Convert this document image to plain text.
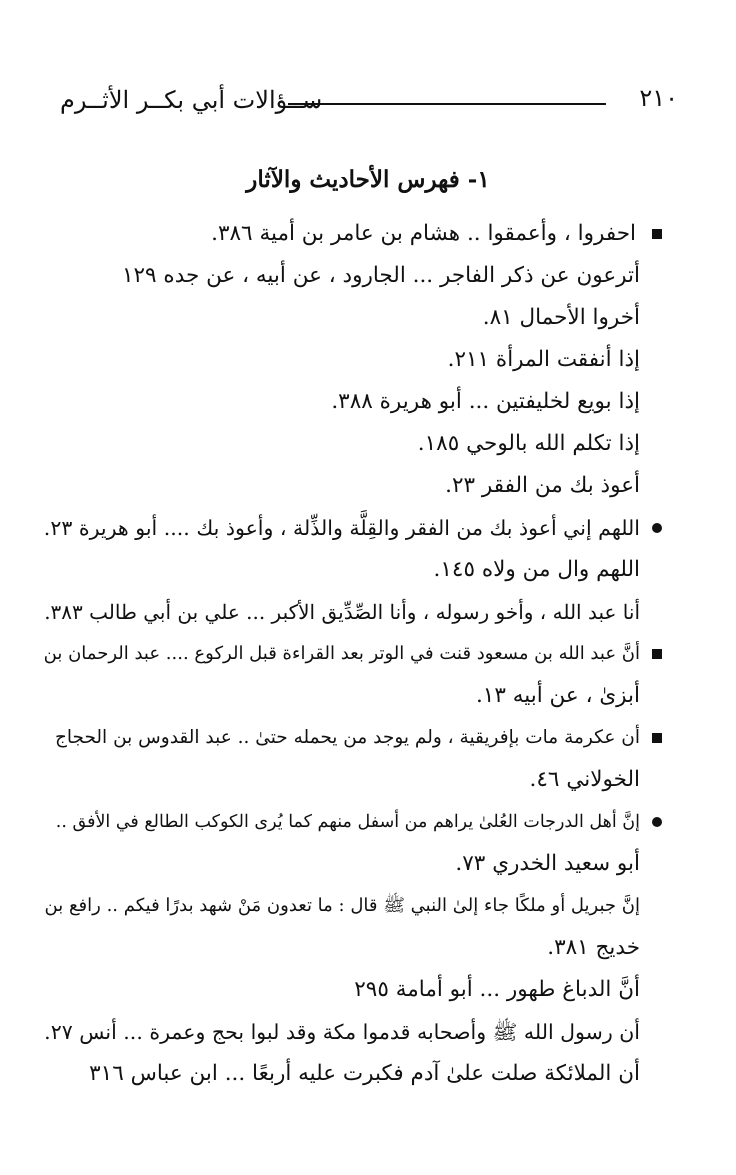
ســؤالات أبي بكــر الأثــرم	٢١٠
١- فهرس الأحاديث والآثار
احفروا ، وأعمقوا .. هشام بن عامر بن أمية ٣٨٦.
أترعون عن ذكر الفاجر ... الجارود ، عن أبيه ، عن جده ١٢٩
أخروا الأحمال ٨١.
إذا أنفقت المرأة ٢١١.
إذا بويع لخليفتين ... أبو هريرة ٣٨٨.
إذا تكلم الله بالوحي ١٨٥.
أعوذ بك من الفقر ٢٣.
اللهم إني أعوذ بك من الفقر والقِلَّة والذِّلة ، وأعوذ بك .... أبو هريرة ٢٣.
اللهم وال من ولاه ١٤٥.
أنا عبد الله ، وأخو رسوله ، وأنا الصِّدِّيق الأكبر ... علي بن أبي طالب ٣٨٣.
أنَّ عبد الله بن مسعود قنت في الوتر بعد القراءة قبل الركوع .... عبد الرحمان بن
أبزىٰ ، عن أبيه ١٣.
أن عكرمة مات بإفريقية ، ولم يوجد من يحمله حتىٰ .. عبد القدوس بن الحجاج
الخولاني ٤٦.
إنَّ أهل الدرجات العُلىٰ يراهم من أسفل منهم كما يُرى الكوكب الطالع في الأفق ..
أبو سعيد الخدري ٧٣.
إنَّ جبريل أو ملكًا جاء إلىٰ النبي ﷺ قال : ما تعدون مَنْ شهد بدرًا فيكم .. رافع بن
خديج ٣٨١.
أنَّ الدباغ طهور ... أبو أمامة ٢٩٥
أن رسول الله ﷺ وأصحابه قدموا مكة وقد لبوا بحج وعمرة ... أنس ٢٧.
أن الملائكة صلت علىٰ آدم فكبرت عليه أربعًا ... ابن عباس ٣١٦
